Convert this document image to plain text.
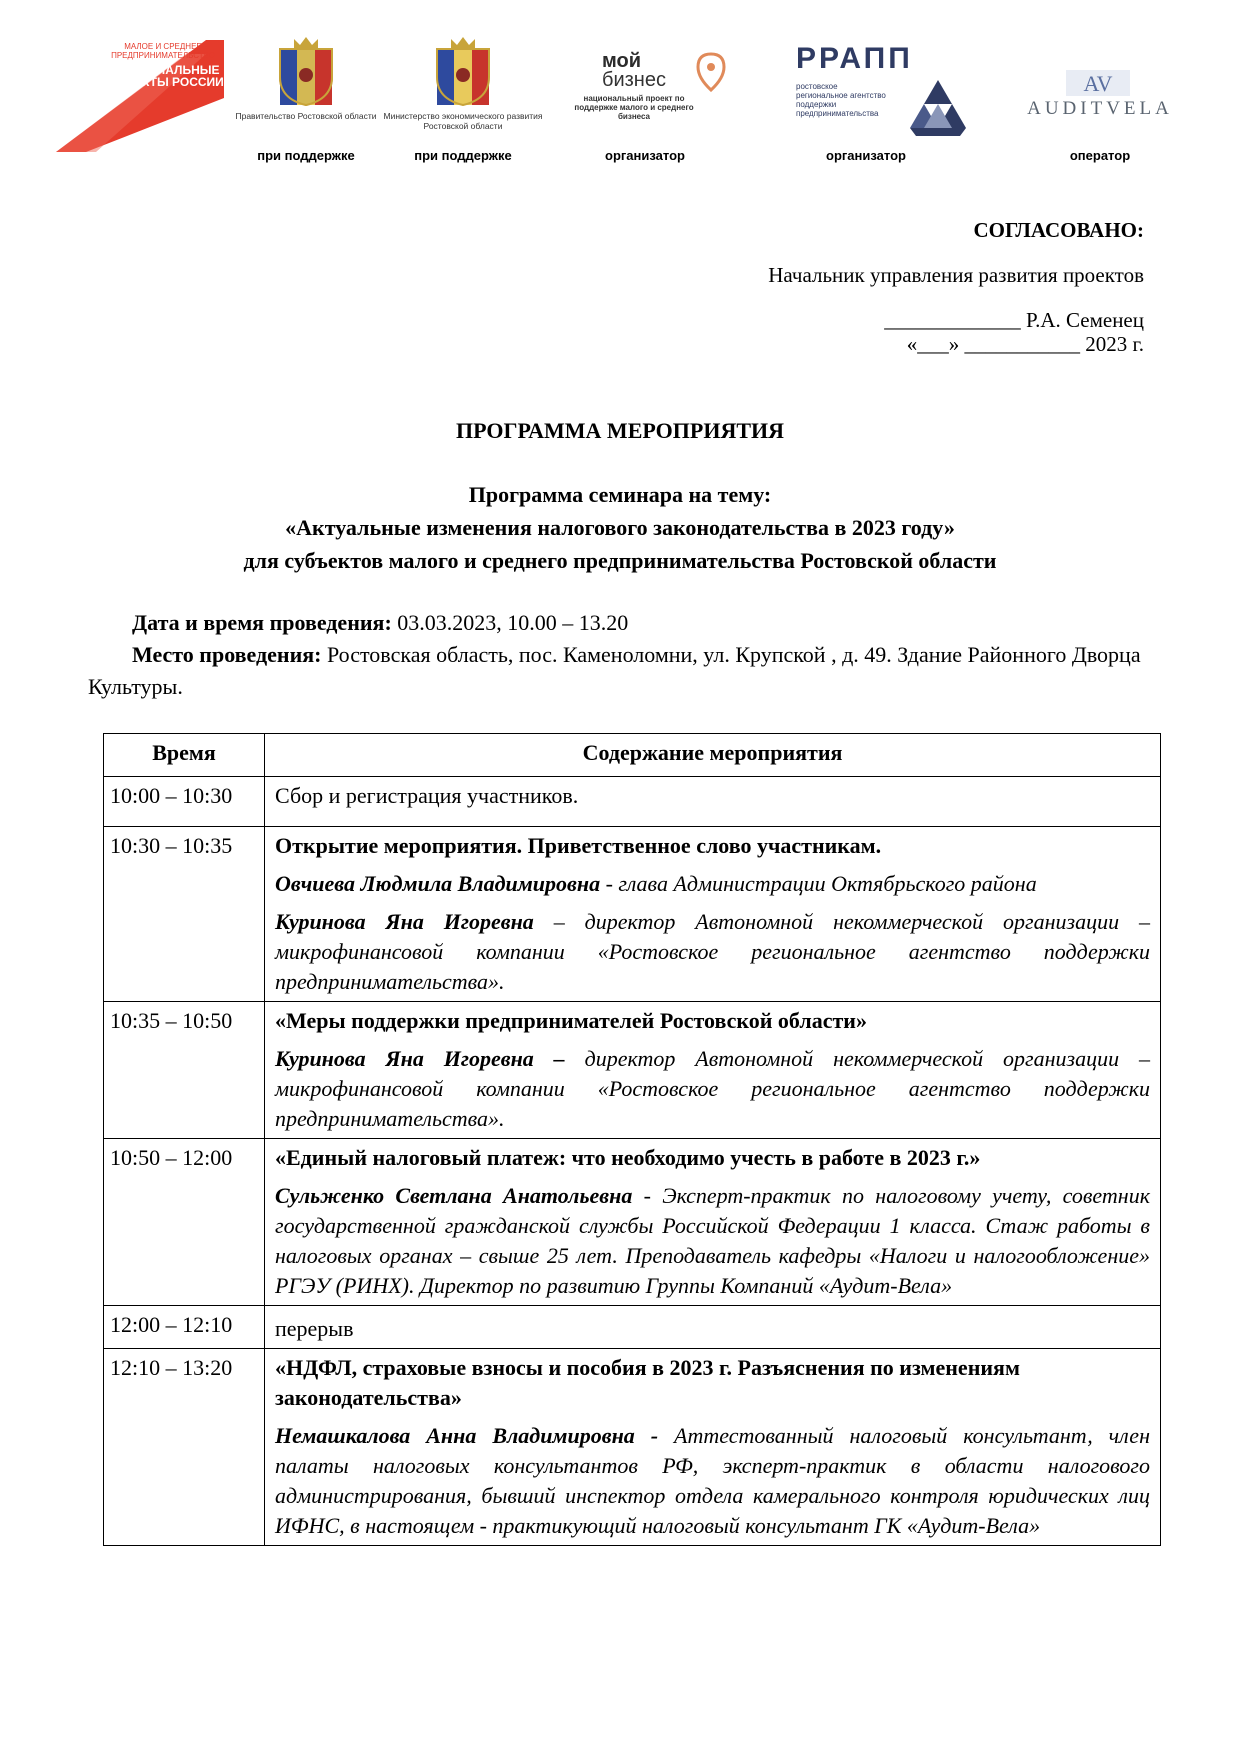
МАЛОЕ И СРЕДНЕЕ ПРЕДПРИНИМАТЕЛЬСТВО
НАЦИОНАЛЬНЫЕ ПРОЕКТЫ РОССИИ
Правительство Ростовской области Министерство экономического развития Ростовской области
мой
бизнес
национальный проект по поддержке малого и среднего бизнеса
РРАПП
ростовское региональное агентство поддержки предпринимательства
AV
AUDITVELA
при поддержке	при поддержке	организатор	организатор	оператор
СОГЛАСОВАНО:
Начальник управления развития проектов
_____________ Р.А. Семенец
«___» ___________ 2023 г.
ПРОГРАММА МЕРОПРИЯТИЯ
Программа семинара на тему:
«Актуальные изменения налогового законодательства в 2023 году»
для субъектов малого и среднего предпринимательства Ростовской области

Дата и время проведения: 03.03.2023, 10.00 – 13.20

Место проведения: Ростовская область, пос. Каменоломни, ул. Крупской , д. 49. Здание Районного Дворца Культуры.

Время	Содержание мероприятия
10:00 – 10:30	Сбор и регистрация участников.

10:30 – 10:35	Открытие мероприятия. Приветственное слово участникам.

Овчиева Людмила Владимировна - глава Администрации Октябрьского района

Куринова Яна Игоревна – директор Автономной некоммерческой организации – микрофинансовой компании «Ростовское региональное агентство поддержки предпринимательства».

10:35 – 10:50	«Меры поддержки предпринимателей Ростовской области»

Куринова Яна Игоревна – директор Автономной некоммерческой организации – микрофинансовой компании «Ростовское региональное агентство поддержки предпринимательства».

10:50 – 12:00	«Единый налоговый платеж: что необходимо учесть в работе в 2023 г.»

Сульженко Светлана Анатольевна - Эксперт-практик по налоговому учету, советник государственной гражданской службы Российской Федерации 1 класса. Стаж работы в налоговых органах – свыше 25 лет. Преподаватель кафедры «Налоги и налогообложение» РГЭУ (РИНХ). Директор по развитию Группы Компаний «Аудит-Вела»

12:00 – 12:10	перерыв

12:10 – 13:20	«НДФЛ, страховые взносы и пособия в 2023 г. Разъяснения по изменениям законодательства»

Немашкалова Анна Владимировна - Аттестованный налоговый консультант, член палаты налоговых консультантов РФ, эксперт-практик в области налогового администрирования, бывший инспектор отдела камерального контроля юридических лиц ИФНС, в настоящем - практикующий налоговый консультант ГК «Аудит-Вела»
